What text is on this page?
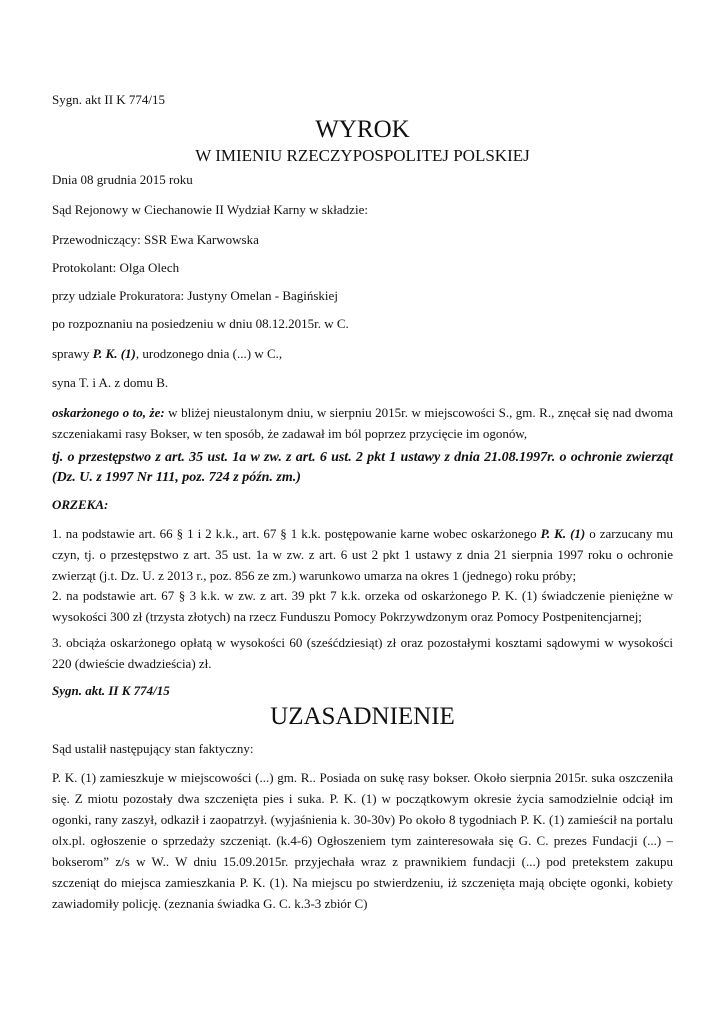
Sygn. akt II K 774/15
WYROK
W IMIENIU RZECZYPOSPOLITEJ POLSKIEJ
Dnia 08 grudnia 2015 roku
Sąd Rejonowy w Ciechanowie II Wydział Karny w składzie:
Przewodniczący: SSR Ewa Karwowska
Protokolant: Olga Olech
przy udziale Prokuratora: Justyny Omelan - Bagińskiej
po rozpoznaniu na posiedzeniu w dniu 08.12.2015r. w C.
sprawy P. K. (1), urodzonego dnia (...) w C.,
syna T. i A. z domu B.
oskarżonego o to, że: w bliżej nieustalonym dniu, w sierpniu 2015r. w miejscowości S., gm. R., znęcał się nad dwoma szczeniakami rasy Bokser, w ten sposób, że zadawał im ból poprzez przycięcie im ogonów,
tj. o przestępstwo z art. 35 ust. 1a w zw. z art. 6 ust. 2 pkt 1 ustawy z dnia 21.08.1997r. o ochronie zwierząt (Dz. U. z 1997 Nr 111, poz. 724 z późn. zm.)
ORZEKA:
1. na podstawie art. 66 § 1 i 2 k.k., art. 67 § 1 k.k. postępowanie karne wobec oskarżonego P. K. (1) o zarzucany mu czyn, tj. o przestępstwo z art. 35 ust. 1a w zw. z art. 6 ust 2 pkt 1 ustawy z dnia 21 sierpnia 1997 roku o ochronie zwierząt (j.t. Dz. U. z 2013 r., poz. 856 ze zm.) warunkowo umarza na okres 1 (jednego) roku próby;
2. na podstawie art. 67 § 3 k.k. w zw. z art. 39 pkt 7 k.k. orzeka od oskarżonego P. K. (1) świadczenie pieniężne w wysokości 300 zł (trzysta złotych) na rzecz Funduszu Pomocy Pokrzywdzonym oraz Pomocy Postpenitencjarnej;
3. obciąża oskarżonego opłatą w wysokości 60 (sześćdziesiąt) zł oraz pozostałymi kosztami sądowymi w wysokości 220 (dwieście dwadzieścia) zł.
Sygn. akt. II K 774/15
UZASADNIENIE
Sąd ustalił następujący stan faktyczny:
P. K. (1) zamieszkuje w miejscowości (...) gm. R.. Posiada on sukę rasy bokser. Około sierpnia 2015r. suka oszczeniła się. Z miotu pozostały dwa szczenięta pies i suka. P. K. (1) w początkowym okresie życia samodzielnie odciął im ogonki, rany zaszył, odkaził i zaopatrzył. (wyjaśnienia k. 30-30v) Po około 8 tygodniach P. K. (1) zamieścił na portalu olx.pl. ogłoszenie o sprzedaży szczeniąt. (k.4-6) Ogłoszeniem tym zainteresowała się G. C. prezes Fundacji (...) – bokserom” z/s w W.. W dniu 15.09.2015r. przyjechała wraz z prawnikiem fundacji (...) pod pretekstem zakupu szczeniąt do miejsca zamieszkania P. K. (1). Na miejscu po stwierdzeniu, iż szczenięta mają obcięte ogonki, kobiety zawiadomiły policję. (zeznania świadka G. C. k.3-3 zbiór C)
